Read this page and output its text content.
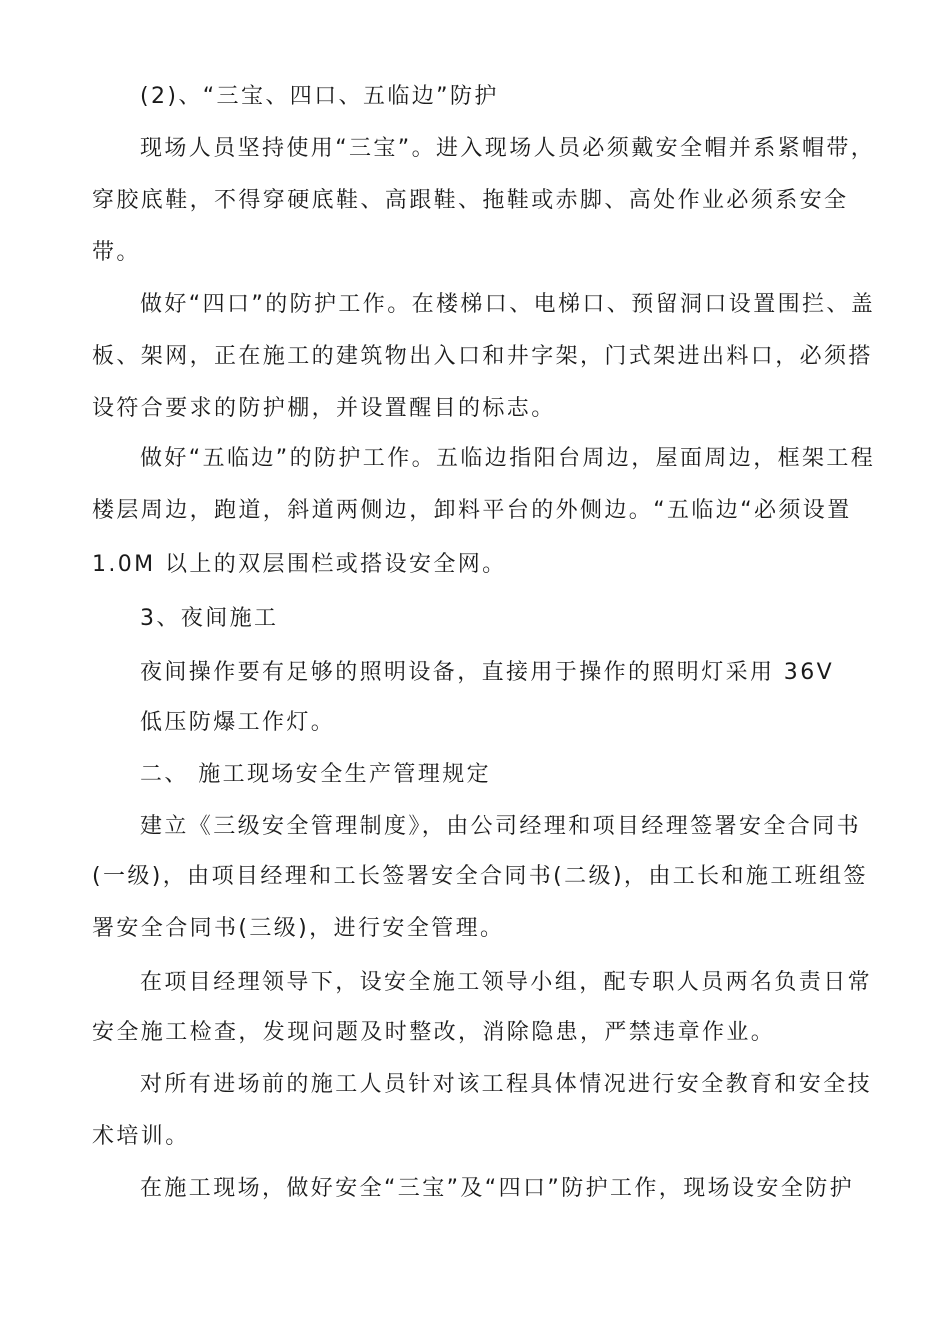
(2)、“三宝、四口、五临边”防护
现场人员坚持使用“三宝”。进入现场人员必须戴安全帽并系紧帽带，
穿胶底鞋，不得穿硬底鞋、高跟鞋、拖鞋或赤脚、高处作业必须系安全
带。
做好“四口”的防护工作。在楼梯口、电梯口、预留洞口设置围拦、盖
板、架网，正在施工的建筑物出入口和井字架，门式架进出料口，必须搭
设符合要求的防护棚，并设置醒目的标志。
做好“五临边”的防护工作。五临边指阳台周边，屋面周边，框架工程
楼层周边，跑道，斜道两侧边，卸料平台的外侧边。“五临边“必须设置
1.0M 以上的双层围栏或搭设安全网。
3、夜间施工
夜间操作要有足够的照明设备，直接用于操作的照明灯采用 36V
低压防爆工作灯。
二、 施工现场安全生产管理规定
建立《三级安全管理制度》，由公司经理和项目经理签署安全合同书
(一级)，由项目经理和工长签署安全合同书(二级)，由工长和施工班组签
署安全合同书(三级)，进行安全管理。
在项目经理领导下，设安全施工领导小组，配专职人员两名负责日常
安全施工检查，发现问题及时整改，消除隐患，严禁违章作业。
对所有进场前的施工人员针对该工程具体情况进行安全教育和安全技
术培训。
在施工现场，做好安全“三宝”及“四口”防护工作，现场设安全防护
